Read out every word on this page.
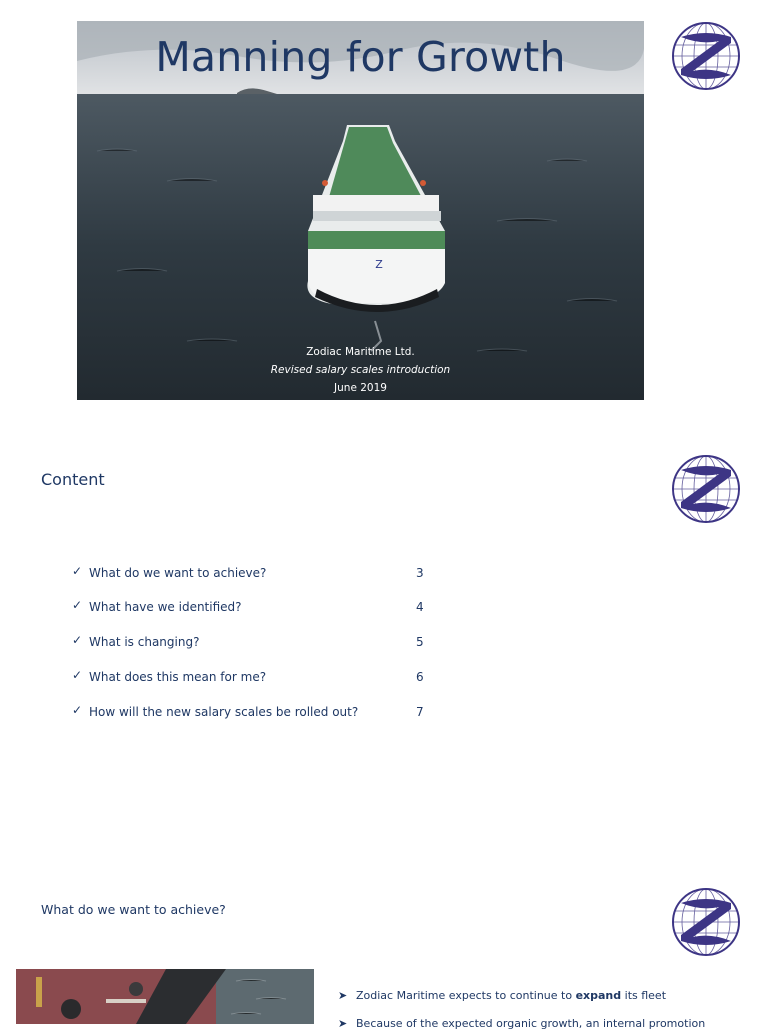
Z
Manning for Growth
Zodiac Maritime Ltd.
Revised salary scales introduction
June 2019
Content
✓ What do we want to achieve?	3
✓ What have we identified?	4
✓ What is changing?	5
✓ What does this mean for me?	6
✓ How will the new salary scales be rolled out?	7
What do we want to achieve?
➤ Zodiac Maritime expects to continue to expand its fleet
➤ Because of the expected organic growth, an internal promotion
